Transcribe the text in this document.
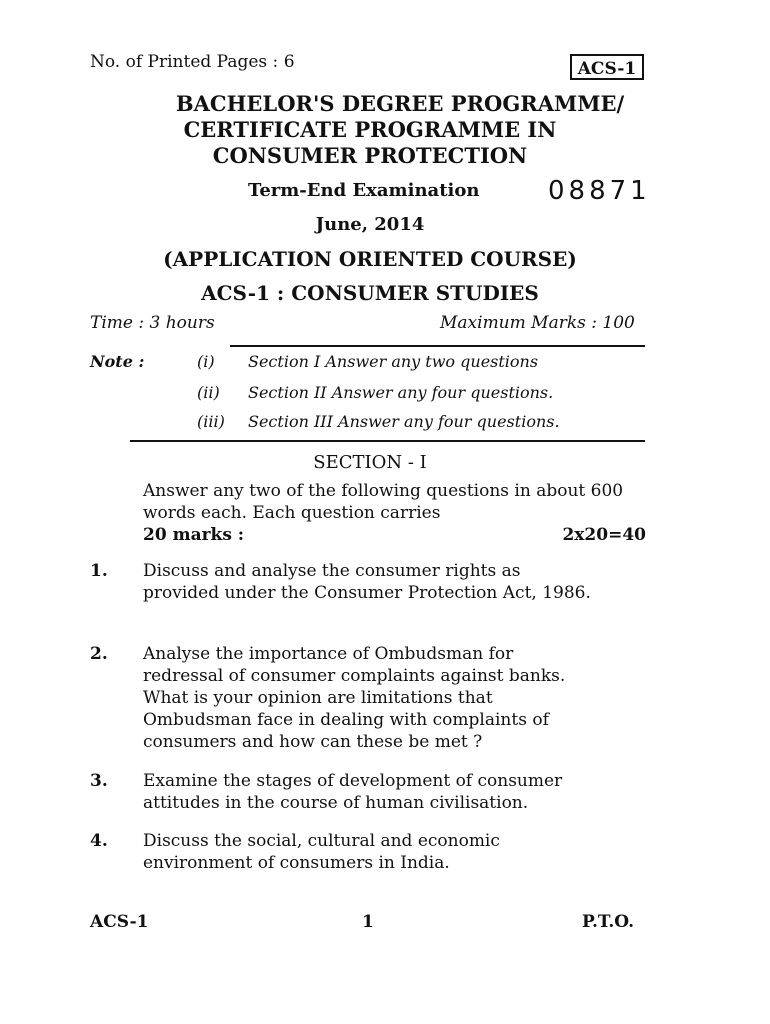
No. of Printed Pages : 6	ACS-1
BACHELOR'S DEGREE PROGRAMME/
CERTIFICATE PROGRAMME IN
CONSUMER PROTECTION
Term-End Examination	08871
June, 2014
(APPLICATION ORIENTED COURSE)
ACS-1 : CONSUMER STUDIES
Time : 3 hours	Maximum Marks : 100
Note :	(i) Section I Answer any two questions
(ii) Section II Answer any four questions.
(iii) Section III Answer any four questions.
SECTION - I
Answer any two of the following questions in about 600 words each. Each question carries
20 marks :	2x20=40
1. Discuss and analyse the consumer rights as provided under the Consumer Protection Act, 1986.
2. Analyse the importance of Ombudsman for redressal of consumer complaints against banks. What is your opinion are limitations that Ombudsman face in dealing with complaints of consumers and how can these be met ?
3. Examine the stages of development of consumer attitudes in the course of human civilisation.
4. Discuss the social, cultural and economic environment of consumers in India.
ACS-1	1	P.T.O.
